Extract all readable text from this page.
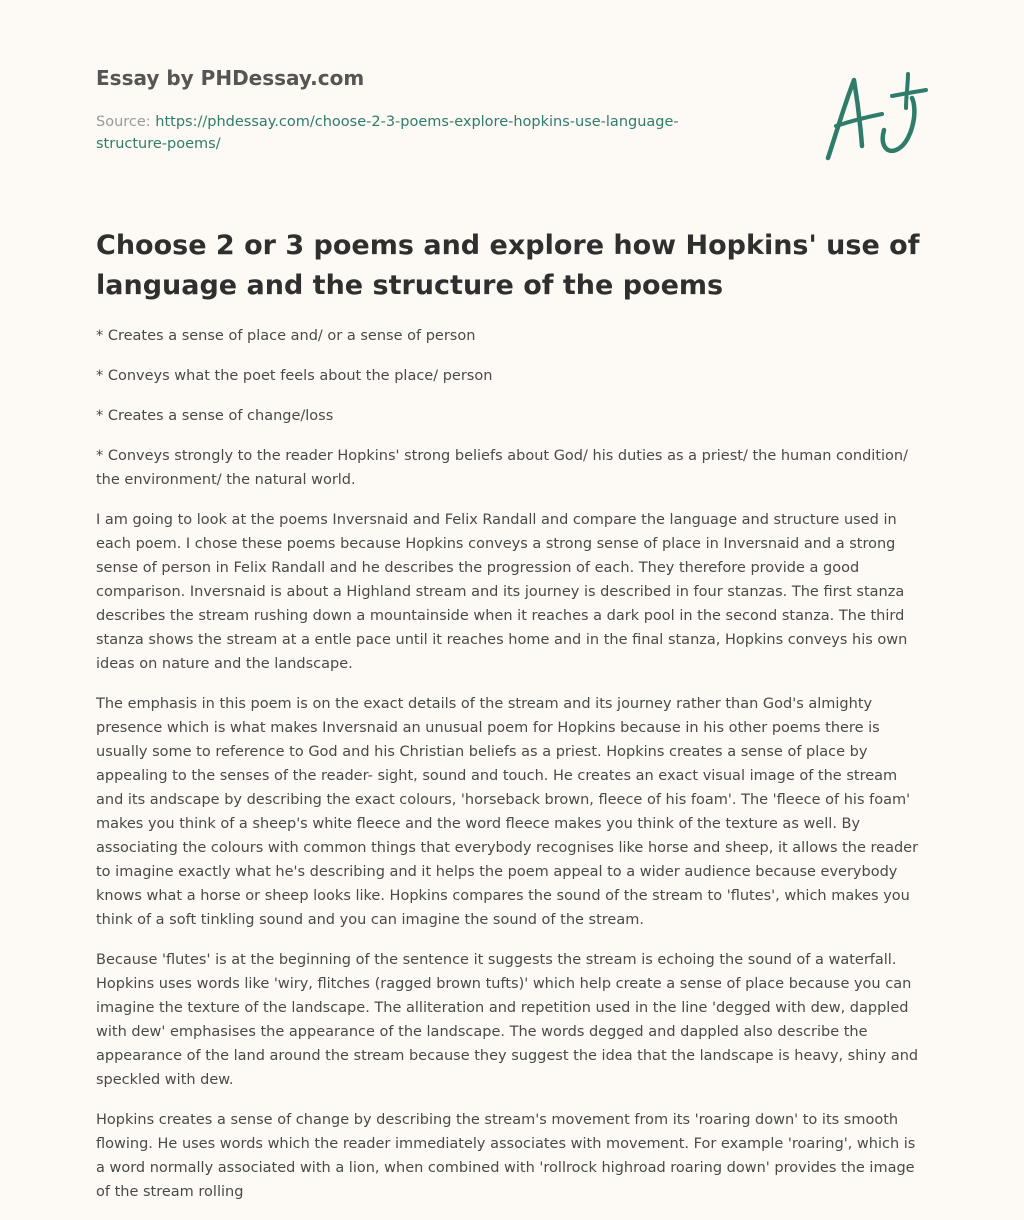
Essay by PHDessay.com
Source: https://phdessay.com/choose-2-3-poems-explore-hopkins-use-language-structure-poems/
Choose 2 or 3 poems and explore how Hopkins' use of language and the structure of the poems

* Creates a sense of place and/ or a sense of person

* Conveys what the poet feels about the place/ person

* Creates a sense of change/loss

* Conveys strongly to the reader Hopkins' strong beliefs about God/ his duties as a priest/ the human condition/ the environment/ the natural world.

I am going to look at the poems Inversnaid and Felix Randall and compare the language and structure used in each poem. I chose these poems because Hopkins conveys a strong sense of place in Inversnaid and a strong sense of person in Felix Randall and he describes the progression of each. They therefore provide a good comparison. Inversnaid is about a Highland stream and its journey is described in four stanzas. The first stanza describes the stream rushing down a mountainside when it reaches a dark pool in the second stanza. The third stanza shows the stream at a entle pace until it reaches home and in the final stanza, Hopkins conveys his own ideas on nature and the landscape.

The emphasis in this poem is on the exact details of the stream and its journey rather than God's almighty presence which is what makes Inversnaid an unusual poem for Hopkins because in his other poems there is usually some to reference to God and his Christian beliefs as a priest. Hopkins creates a sense of place by appealing to the senses of the reader- sight, sound and touch. He creates an exact visual image of the stream and its andscape by describing the exact colours, 'horseback brown, fleece of his foam'. The 'fleece of his foam' makes you think of a sheep's white fleece and the word fleece makes you think of the texture as well. By associating the colours with common things that everybody recognises like horse and sheep, it allows the reader to imagine exactly what he's describing and it helps the poem appeal to a wider audience because everybody knows what a horse or sheep looks like. Hopkins compares the sound of the stream to 'flutes', which makes you think of a soft tinkling sound and you can imagine the sound of the stream.

Because 'flutes' is at the beginning of the sentence it suggests the stream is echoing the sound of a waterfall. Hopkins uses words like 'wiry, flitches (ragged brown tufts)' which help create a sense of place because you can imagine the texture of the landscape. The alliteration and repetition used in the line 'degged with dew, dappled with dew' emphasises the appearance of the landscape. The words degged and dappled also describe the appearance of the land around the stream because they suggest the idea that the landscape is heavy, shiny and speckled with dew.

Hopkins creates a sense of change by describing the stream's movement from its 'roaring down' to its smooth flowing. He uses words which the reader immediately associates with movement. For example 'roaring', which is a word normally associated with a lion, when combined with 'rollrock highroad roaring down' provides the image of the stream rolling
